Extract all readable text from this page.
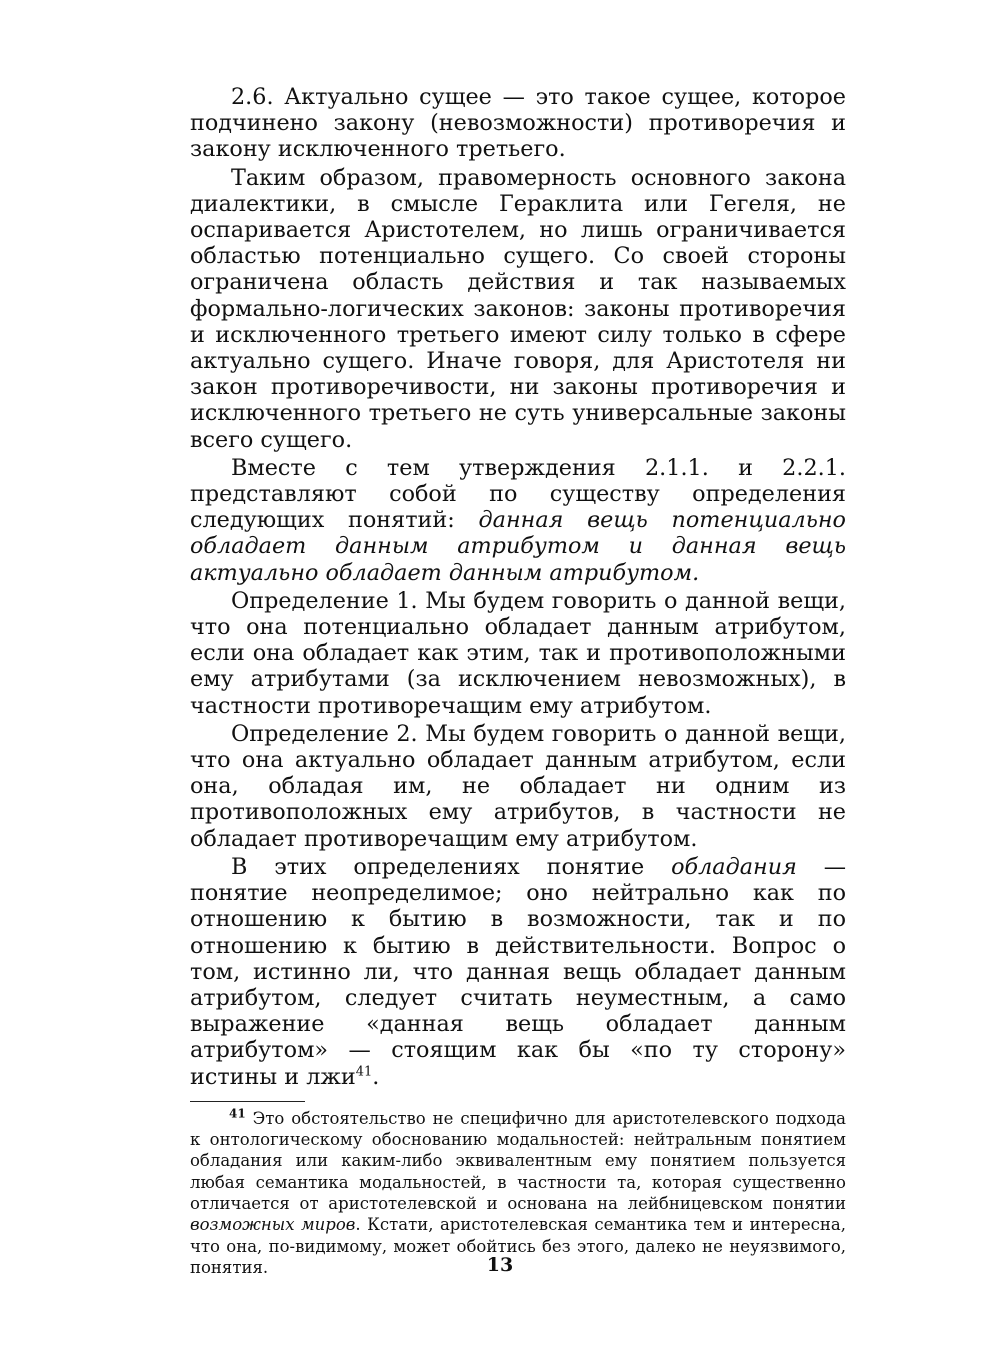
2.6. Актуально сущее — это такое сущее, которое подчинено закону (невозможности) противоречия и закону исключенного третьего.

Таким образом, правомерность основного закона диалектики, в смысле Гераклита или Гегеля, не оспаривается Аристотелем, но лишь ограничивается областью потенциально сущего. Со своей стороны ограничена область действия и так называемых формально-логических законов: законы противоречия и исключенного третьего имеют силу только в сфере актуально сущего. Иначе говоря, для Аристотеля ни закон противоречивости, ни законы противоречия и исключенного третьего не суть универсальные законы всего сущего.

Вместе с тем утверждения 2.1.1. и 2.2.1. представляют собой по существу определения следующих понятий: данная вещь потенциально обладает данным атрибутом и данная вещь актуально обладает данным атрибутом.

Определение 1. Мы будем говорить о данной вещи, что она потенциально обладает данным атрибутом, если она обладает как этим, так и противоположными ему атрибутами (за исключением невозможных), в частности противоречащим ему атрибутом.

Определение 2. Мы будем говорить о данной вещи, что она актуально обладает данным атрибутом, если она, обладая им, не обладает ни одним из противоположных ему атрибутов, в частности не обладает противоречащим ему атрибутом.

В этих определениях понятие обладания — понятие неопределимое; оно нейтрально как по отношению к бытию в возможности, так и по отношению к бытию в действительности. Вопрос о том, истинно ли, что данная вещь обладает данным атрибутом, следует считать неуместным, а само выражение «данная вещь обладает данным атрибутом» — стоящим как бы «по ту сторону» истины и лжи$^{41}$.

$^{41}$ Это обстоятельство не специфично для аристотелевского подхода к онтологическому обоснованию модальностей: нейтральным понятием обладания или каким-либо эквивалентным ему понятием пользуется любая семантика модальностей, в частности та, которая существенно отличается от аристотелевской и основана на лейбницевском понятии возможных миров. Кстати, аристотелевская семантика тем и интересна, что она, по-видимому, может обойтись без этого, далеко не неуязвимого, понятия.	13
